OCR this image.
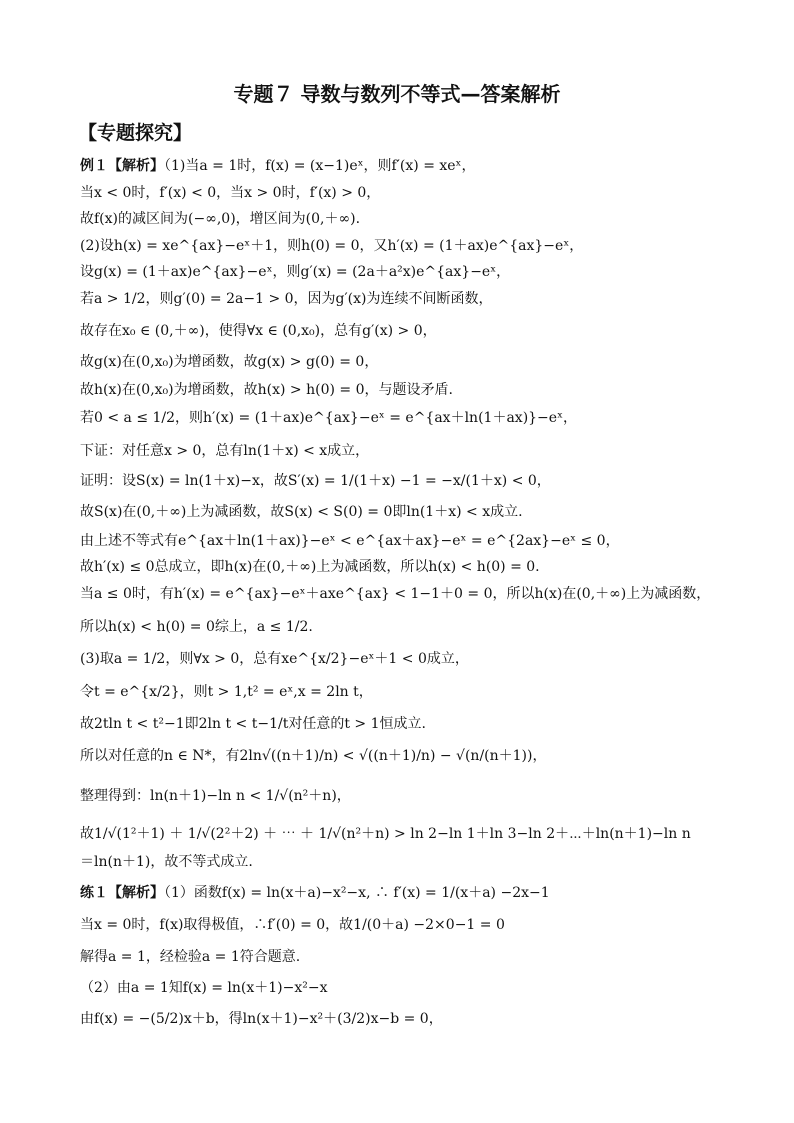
专题７ 导数与数列不等式—答案解析
【专题探究】
例１【解析】（1)当a = 1时，f(x) = (x−1)eˣ，则f′(x) = xeˣ，
当x < 0时，f′(x) < 0，当x > 0时，f′(x) > 0，
故f(x)的减区间为(−∞,0)，增区间为(0,＋∞).
(2)设h(x) = xe^{ax}−eˣ＋1，则h(0) = 0，又h′(x) = (1＋ax)e^{ax}−eˣ，
设g(x) = (1＋ax)e^{ax}−eˣ，则g′(x) = (2a＋a²x)e^{ax}−eˣ，
若a > 1/2，则g′(0) = 2a−1 > 0，因为g′(x)为连续不间断函数，
故存在x₀ ∈ (0,＋∞)，使得∀x ∈ (0,x₀)，总有g′(x) > 0，
故g(x)在(0,x₀)为增函数，故g(x) > g(0) = 0，
故h(x)在(0,x₀)为增函数，故h(x) > h(0) = 0，与题设矛盾.
若0 < a ≤ 1/2，则h′(x) = (1＋ax)e^{ax}−eˣ = e^{ax＋ln(1＋ax)}−eˣ，
下证：对任意x > 0，总有ln(1＋x) < x成立，
证明：设S(x) = ln(1＋x)−x，故S′(x) = 1/(1＋x) −1 = −x/(1＋x) < 0，
故S(x)在(0,＋∞)上为减函数，故S(x) < S(0) = 0即ln(1＋x) < x成立.
由上述不等式有e^{ax＋ln(1＋ax)}−eˣ < e^{ax＋ax}−eˣ = e^{2ax}−eˣ ≤ 0，
故h′(x) ≤ 0总成立，即h(x)在(0,＋∞)上为减函数，所以h(x) < h(0) = 0.
当a ≤ 0时，有h′(x) = e^{ax}−eˣ＋axe^{ax} < 1−1＋0 = 0，所以h(x)在(0,＋∞)上为减函数，
所以h(x) < h(0) = 0综上，a ≤ 1/2.
(3)取a = 1/2，则∀x > 0，总有xe^{x/2}−eˣ＋1 < 0成立，
令t = e^{x/2}，则t > 1,t² = eˣ,x = 2ln t，
故2tln t < t²−1即2ln t < t−1/t对任意的t > 1恒成立.
所以对任意的n ∈ N*，有2ln√((n＋1)/n) < √((n＋1)/n) − √(n/(n＋1))，
整理得到：ln(n＋1)−ln n < 1/√(n²＋n)，
故1/√(1²＋1) ＋ 1/√(2²＋2) ＋ ⋯ ＋ 1/√(n²＋n) > ln 2−ln 1＋ln 3−ln 2＋⋯＋ln(n＋1)−ln n
＝ln(n＋1)，故不等式成立.
练１【解析】（1）函数f(x) = ln(x＋a)−x²−x, ∴ f′(x) = 1/(x＋a) −2x−1
当x = 0时，f(x)取得极值，∴f′(0) = 0，故1/(0＋a) −2×0−1 = 0
解得a = 1，经检验a = 1符合题意.
（2）由a = 1知f(x) = ln(x＋1)−x²−x
由f(x) = −(5/2)x＋b，得ln(x＋1)−x²＋(3/2)x−b = 0，
